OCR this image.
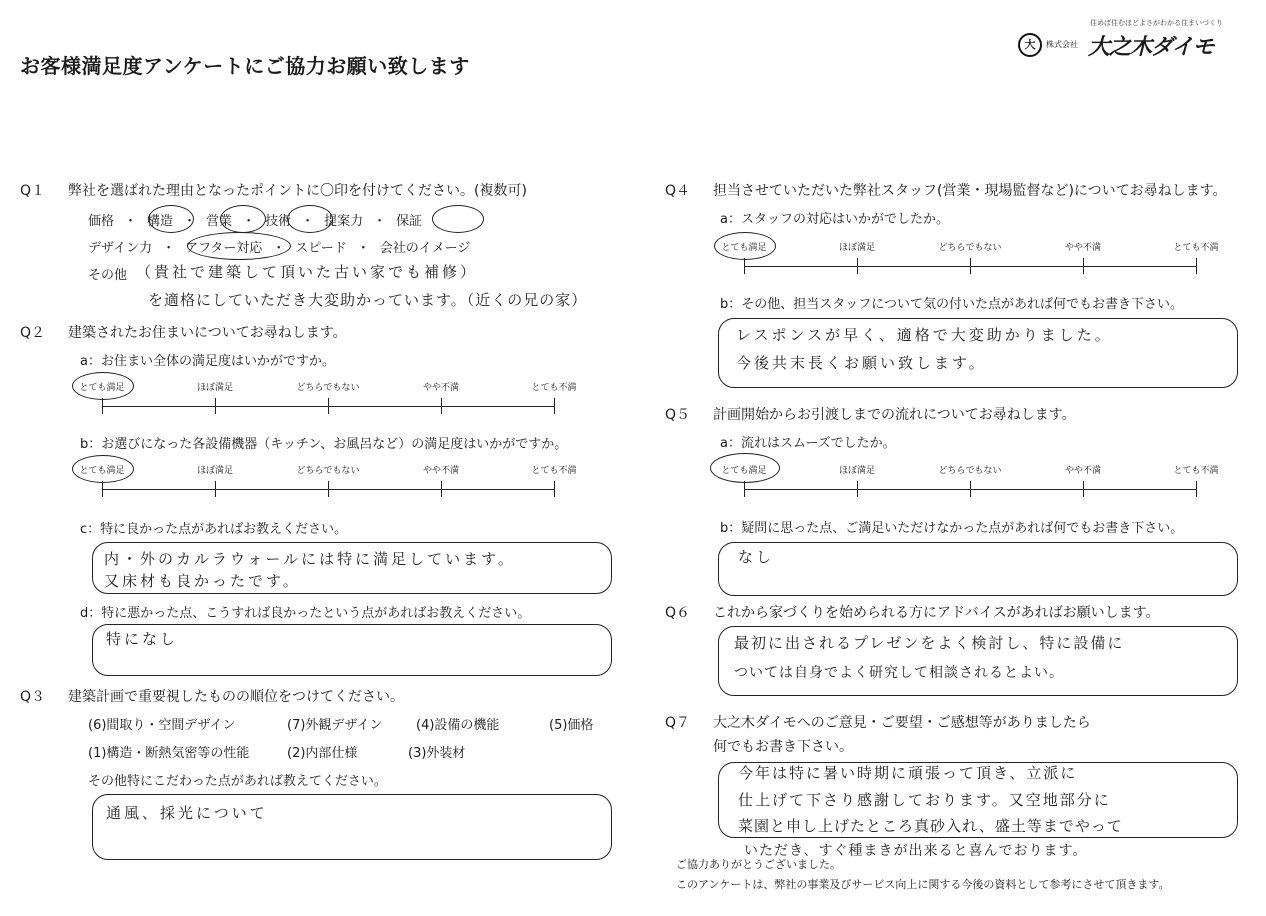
お客様満足度アンケートにご協力お願い致します
住めば住むほどよさがわかる住まいづくり
大	株式会社 大之木ダイモ
Q１ 弊社を選ばれた理由となったポイントに〇印を付けてください。(複数可)
価格 ・ 構造 ・ 営業 ・ 技術 ・ 提案力 ・ 保証
デザイン力 ・ アフター対応 ・ スピード ・ 会社のイメージ
その他 （貴社で建築して頂いた古い家でも補修）
を適格にしていただき大変助かっています。（近くの兄の家）
Q２ 建築されたお住まいについてお尋ねします。
a：お住まい全体の満足度はいかがですか。
とても満足	ほぼ満足	どちらでもない	やや不満	とても不満
b：お選びになった各設備機器（キッチン、お風呂など）の満足度はいかがですか。
とても満足	ほぼ満足	どちらでもない	やや不満	とても不満
c：特に良かった点があればお教えください。
内・外のカルラウォールには特に満足しています。
又床材も良かったです。
d：特に悪かった点、こうすれば良かったという点があればお教えください。
特になし
Q３ 建築計画で重要視したものの順位をつけてください。
(6)間取り・空間デザイン	(7)外観デザイン	(4)設備の機能	(5)価格
(1)構造・断熱気密等の性能	(2)内部仕様	(3)外装材
その他特にこだわった点があれば教えてください。
通風、採光について
Q４ 担当させていただいた弊社スタッフ(営業・現場監督など)についてお尋ねします。
a：スタッフの対応はいかがでしたか。
とても満足	ほぼ満足	どちらでもない	やや不満	とても不満
b：その他、担当スタッフについて気の付いた点があれば何でもお書き下さい。
レスポンスが早く、適格で大変助かりました。
今後共末長くお願い致します。
Q５ 計画開始からお引渡しまでの流れについてお尋ねします。
a：流れはスムーズでしたか。
とても満足	ほぼ満足	どちらでもない	やや不満	とても不満
b：疑問に思った点、ご満足いただけなかった点があれば何でもお書き下さい。
なし
Q６ これから家づくりを始められる方にアドバイスがあればお願いします。
最初に出されるプレゼンをよく検討し、特に設備に
ついては自身でよく研究して相談されるとよい。
Q７ 大之木ダイモへのご意見・ご要望・ご感想等がありましたら
何でもお書き下さい。
今年は特に暑い時期に頑張って頂き、立派に
仕上げて下さり感謝しております。又空地部分に
菜園と申し上げたところ真砂入れ、盛土等までやって
いただき、すぐ種まきが出来ると喜んでおります。
ご協力ありがとうございました。
このアンケートは、弊社の事業及びサービス向上に関する今後の資料として参考にさせて頂きます。
